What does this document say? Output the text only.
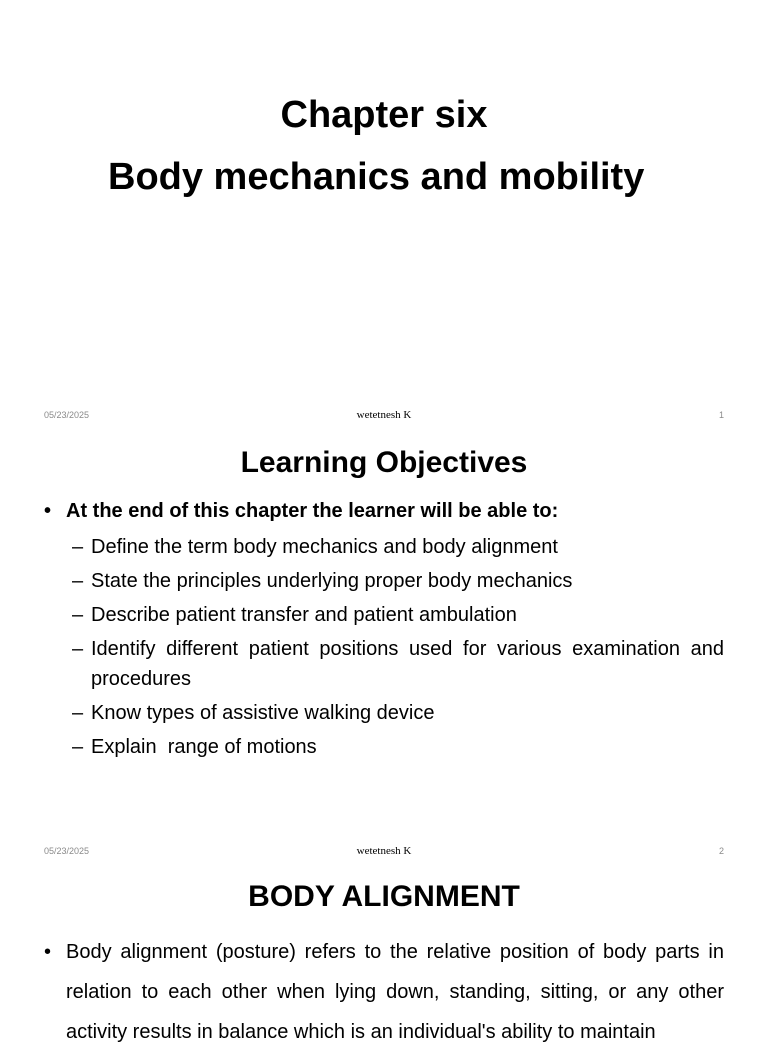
Chapter six
Body mechanics and mobility
05/23/2025	wetetnesh K	1
Learning Objectives
• At the end of this chapter the learner will be able to:
– Define the term body mechanics and body alignment
– State the principles underlying proper body mechanics
– Describe patient transfer and patient ambulation
– Identify different patient positions used for various examination and procedures
– Know types of assistive walking device
– Explain  range of motions
05/23/2025	wetetnesh K	2
BODY ALIGNMENT
• Body alignment (posture) refers to the relative position of body parts in relation to each other when lying down, standing, sitting, or any other activity results in balance which is an individual's ability to maintain
